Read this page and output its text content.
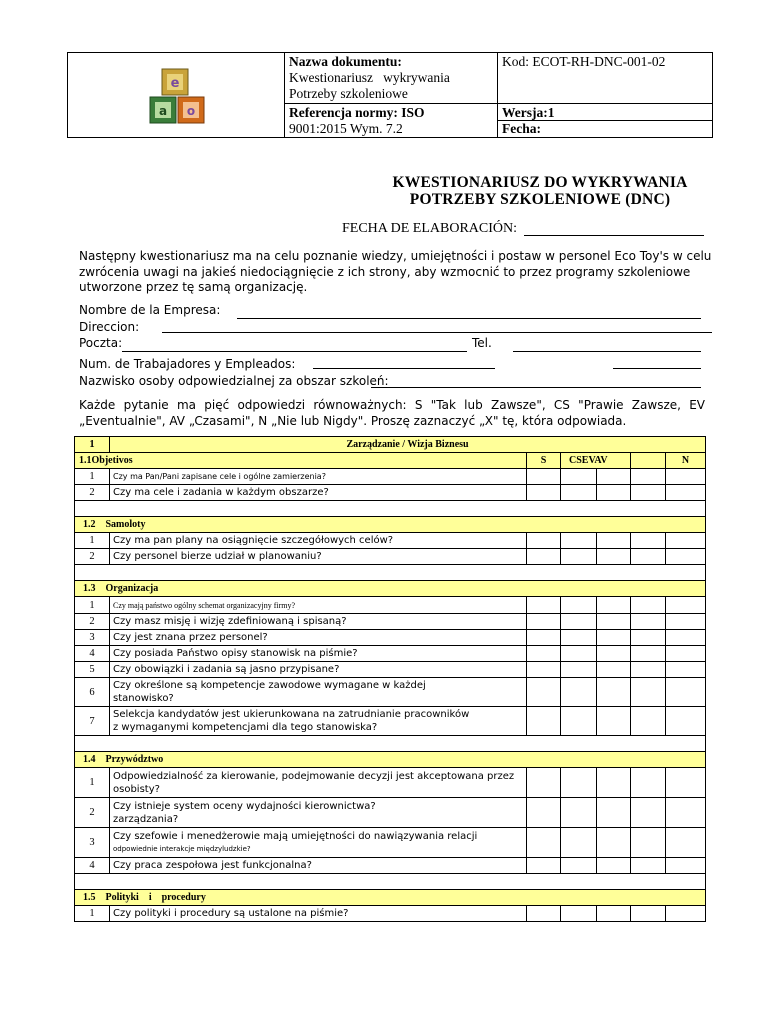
e
a o
Nazwa dokumentu:
Kwestionariusz   wykrywania
Potrzeby szkoleniowe
Referencja normy: ISO
9001:2015 Wym. 7.2
Kod: ECOT-RH-DNC-001-02
Wersja:1
Fecha:
KWESTIONARIUSZ DO WYKRYWANIA
POTRZEBY SZKOLENIOWE (DNC)
FECHA DE ELABORACIÓN:
Następny kwestionariusz ma na celu poznanie wiedzy, umiejętności i postaw w personel Eco Toy's w celu zwrócenia uwagi na jakieś niedociągnięcie z ich strony, aby wzmocnić to przez programy szkoleniowe utworzone przez tę samą organizację.
Nombre de la Empresa:
Direccion:
Poczta:	Tel.
Num. de Trabajadores y Empleados:
Nazwisko osoby odpowiedzialnej za obszar szkoleń:
Każde pytanie ma pięć odpowiedzi równoważnych: S "Tak lub Zawsze", CS "Prawie Zawsze, EV „Eventualnie", AV „Czasami", N „Nie lub Nigdy". Proszę zaznaczyć „X" tę, która odpowiada.
1	Zarządzanie / Wizja Biznesu					
1.1Objetivos		S	CSEVAV			N
1	Czy ma Pan/Pani zapisane cele i ogólne zamierzenia?					
2	Czy ma cele i zadania w każdym obszarze?					

1.2    Samoloty						
1	Czy ma pan plany na osiągnięcie szczegółowych celów?					
2	Czy personel bierze udział w planowaniu?					

1.3    Organizacja						
1	Czy mają państwo ogólny schemat organizacyjny firmy?					
2	Czy masz misję i wizję zdefiniowaną i spisaną?					
3	Czy jest znana przez personel?					
4	Czy posiada Państwo opisy stanowisk na piśmie?					
5	Czy obowiązki i zadania są jasno przypisane?					
6	Czy określone są kompetencje zawodowe wymagane w każdej
stanowisko?					

7	Selekcja kandydatów jest ukierunkowana na zatrudnianie pracowników
z wymaganymi kompetencjami dla tego stanowiska?					

1.4    Przywództwo						
1	Odpowiedzialność za kierowanie, podejmowanie decyzji jest akceptowana przez
osobisty?					

2	Czy istnieje system oceny wydajności kierownictwa?
zarządzania?					

3	Czy szefowie i menedżerowie mają umiejętności do nawiązywania relacji
odpowiednie interakcje międzyludzkie?					

4	Czy praca zespołowa jest funkcjonalna?					

1.5    Polityki    i    procedury						
1	Czy polityki i procedury są ustalone na piśmie?					
